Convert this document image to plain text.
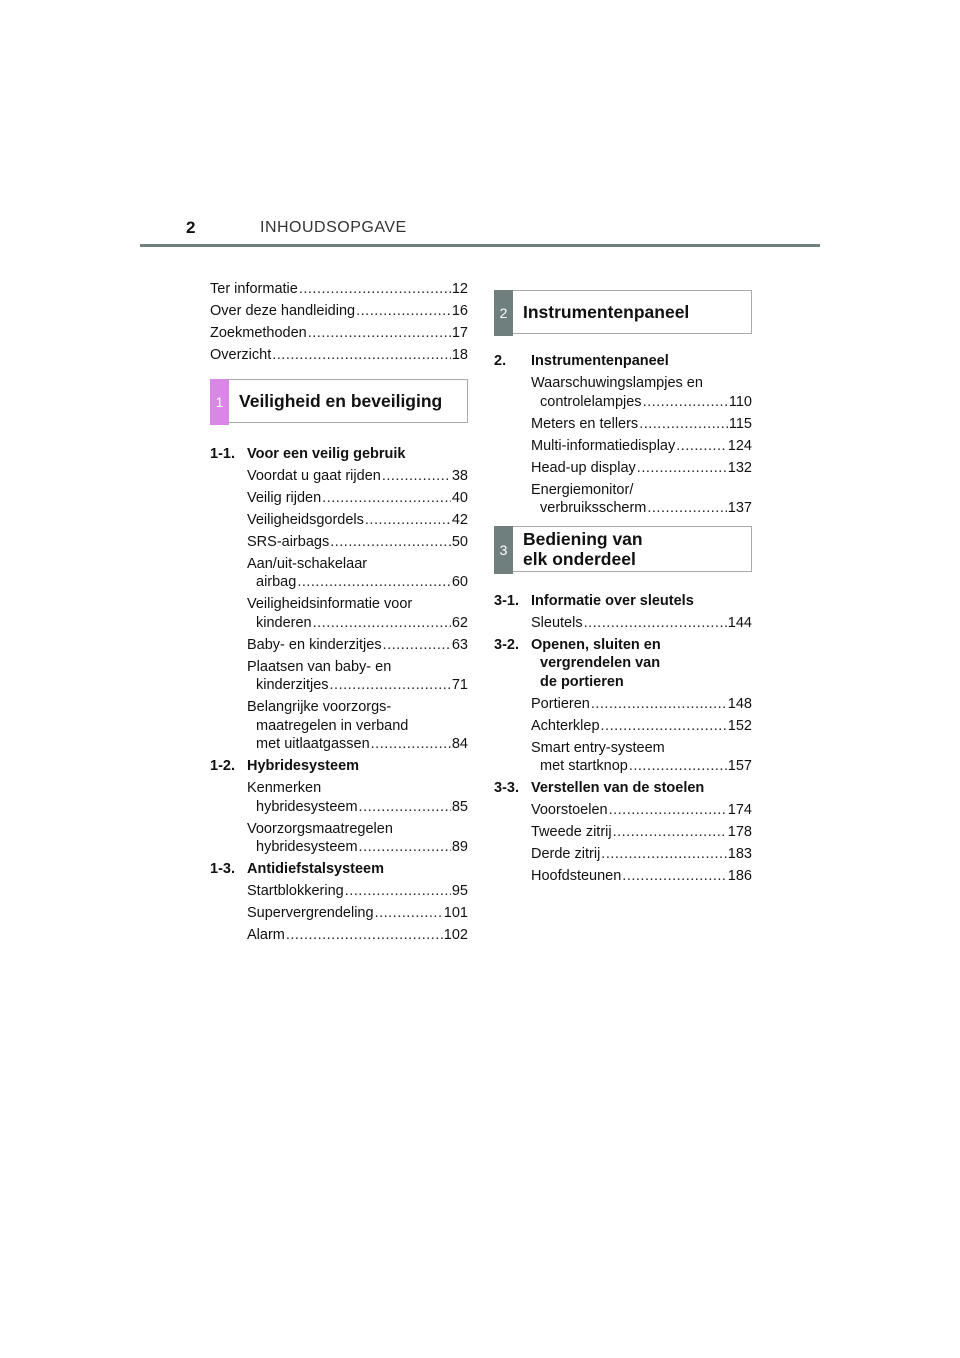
2	INHOUDSOPGAVE
Ter informatie .....	12
Over deze handleiding .....	16
Zoekmethoden .....	17
Overzicht .....	18
1 Veiligheid en beveiliging
1-1. Voor een veilig gebruik
Voordat u gaat rijden .....	38
Veilig rijden .....	40
Veiligheidsgordels .....	42
SRS-airbags .....	50
Aan/uit-schakelaar
airbag .....	60
Veiligheidsinformatie voor
kinderen .....	62
Baby- en kinderzitjes .....	63
Plaatsen van baby- en
kinderzitjes .....	71
Belangrijke voorzorgs-
maatregelen in verband
met uitlaatgassen .....	84
1-2. Hybridesysteem
Kenmerken
hybridesysteem .....	85
Voorzorgsmaatregelen
hybridesysteem .....	89
1-3. Antidiefstalsysteem
Startblokkering .....	95
Supervergrendeling .....	101
Alarm .....	102
2 Instrumentenpaneel
2.	Instrumentenpaneel
Waarschuwingslampjes en
controlelampjes .....	110
Meters en tellers .....	115
Multi-informatiedisplay .....	124
Head-up display .....	132
Energiemonitor/
verbruiksscherm .....	137
3
Bediening van
elk onderdeel
3-1. Informatie over sleutels
Sleutels .....	144
3-2. Openen, sluiten en
vergrendelen van
de portieren
Portieren .....	148
Achterklep .....	152
Smart entry-systeem
met startknop .....	157
3-3. Verstellen van de stoelen
Voorstoelen .....	174
Tweede zitrij .....	178
Derde zitrij .....	183
Hoofdsteunen .....	186
